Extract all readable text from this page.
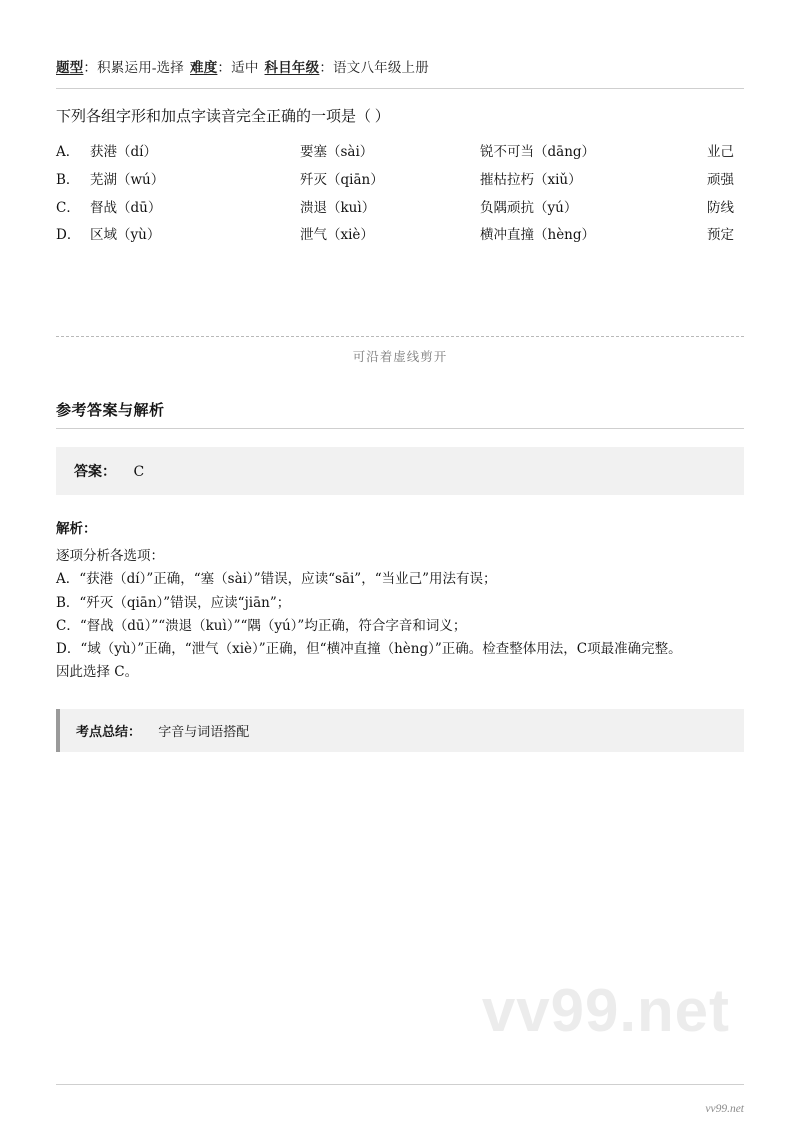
题型：积累运用-选择 难度：适中 科目年级：语文八年级上册
下列各组字形和加点字读音完全正确的一项是（ ）
A． 获港（dí）	要塞（sài）	锐不可当（dāng）	业己
B． 芜湖（wú）	歼灭（qiān）	摧枯拉朽（xiǔ）	顽强
C． 督战（dū）	溃退（kuì）	负隅顽抗（yú）	防线
D． 区域（yù）	泄气（xiè）	横冲直撞（hèng）	预定
可沿着虚线剪开
参考答案与解析
答案： C
解析：

逐项分析各选项：

A．“获港（dí）”正确，“塞（sài）”错误，应读“sāi”，“当业己”用法有误；

B．“歼灭（qiān）”错误，应读“jiān”；

C．“督战（dū）”“溃退（kuì）”“隅（yú）”均正确，符合字音和词义；

D．“域（yù）”正确，“泄气（xiè）”正确，但“横冲直撞（hèng）”正确。检查整体用法，C项最准确完整。

因此选择 C。

考点总结： 字音与词语搭配
vv99.net
vv99.net
